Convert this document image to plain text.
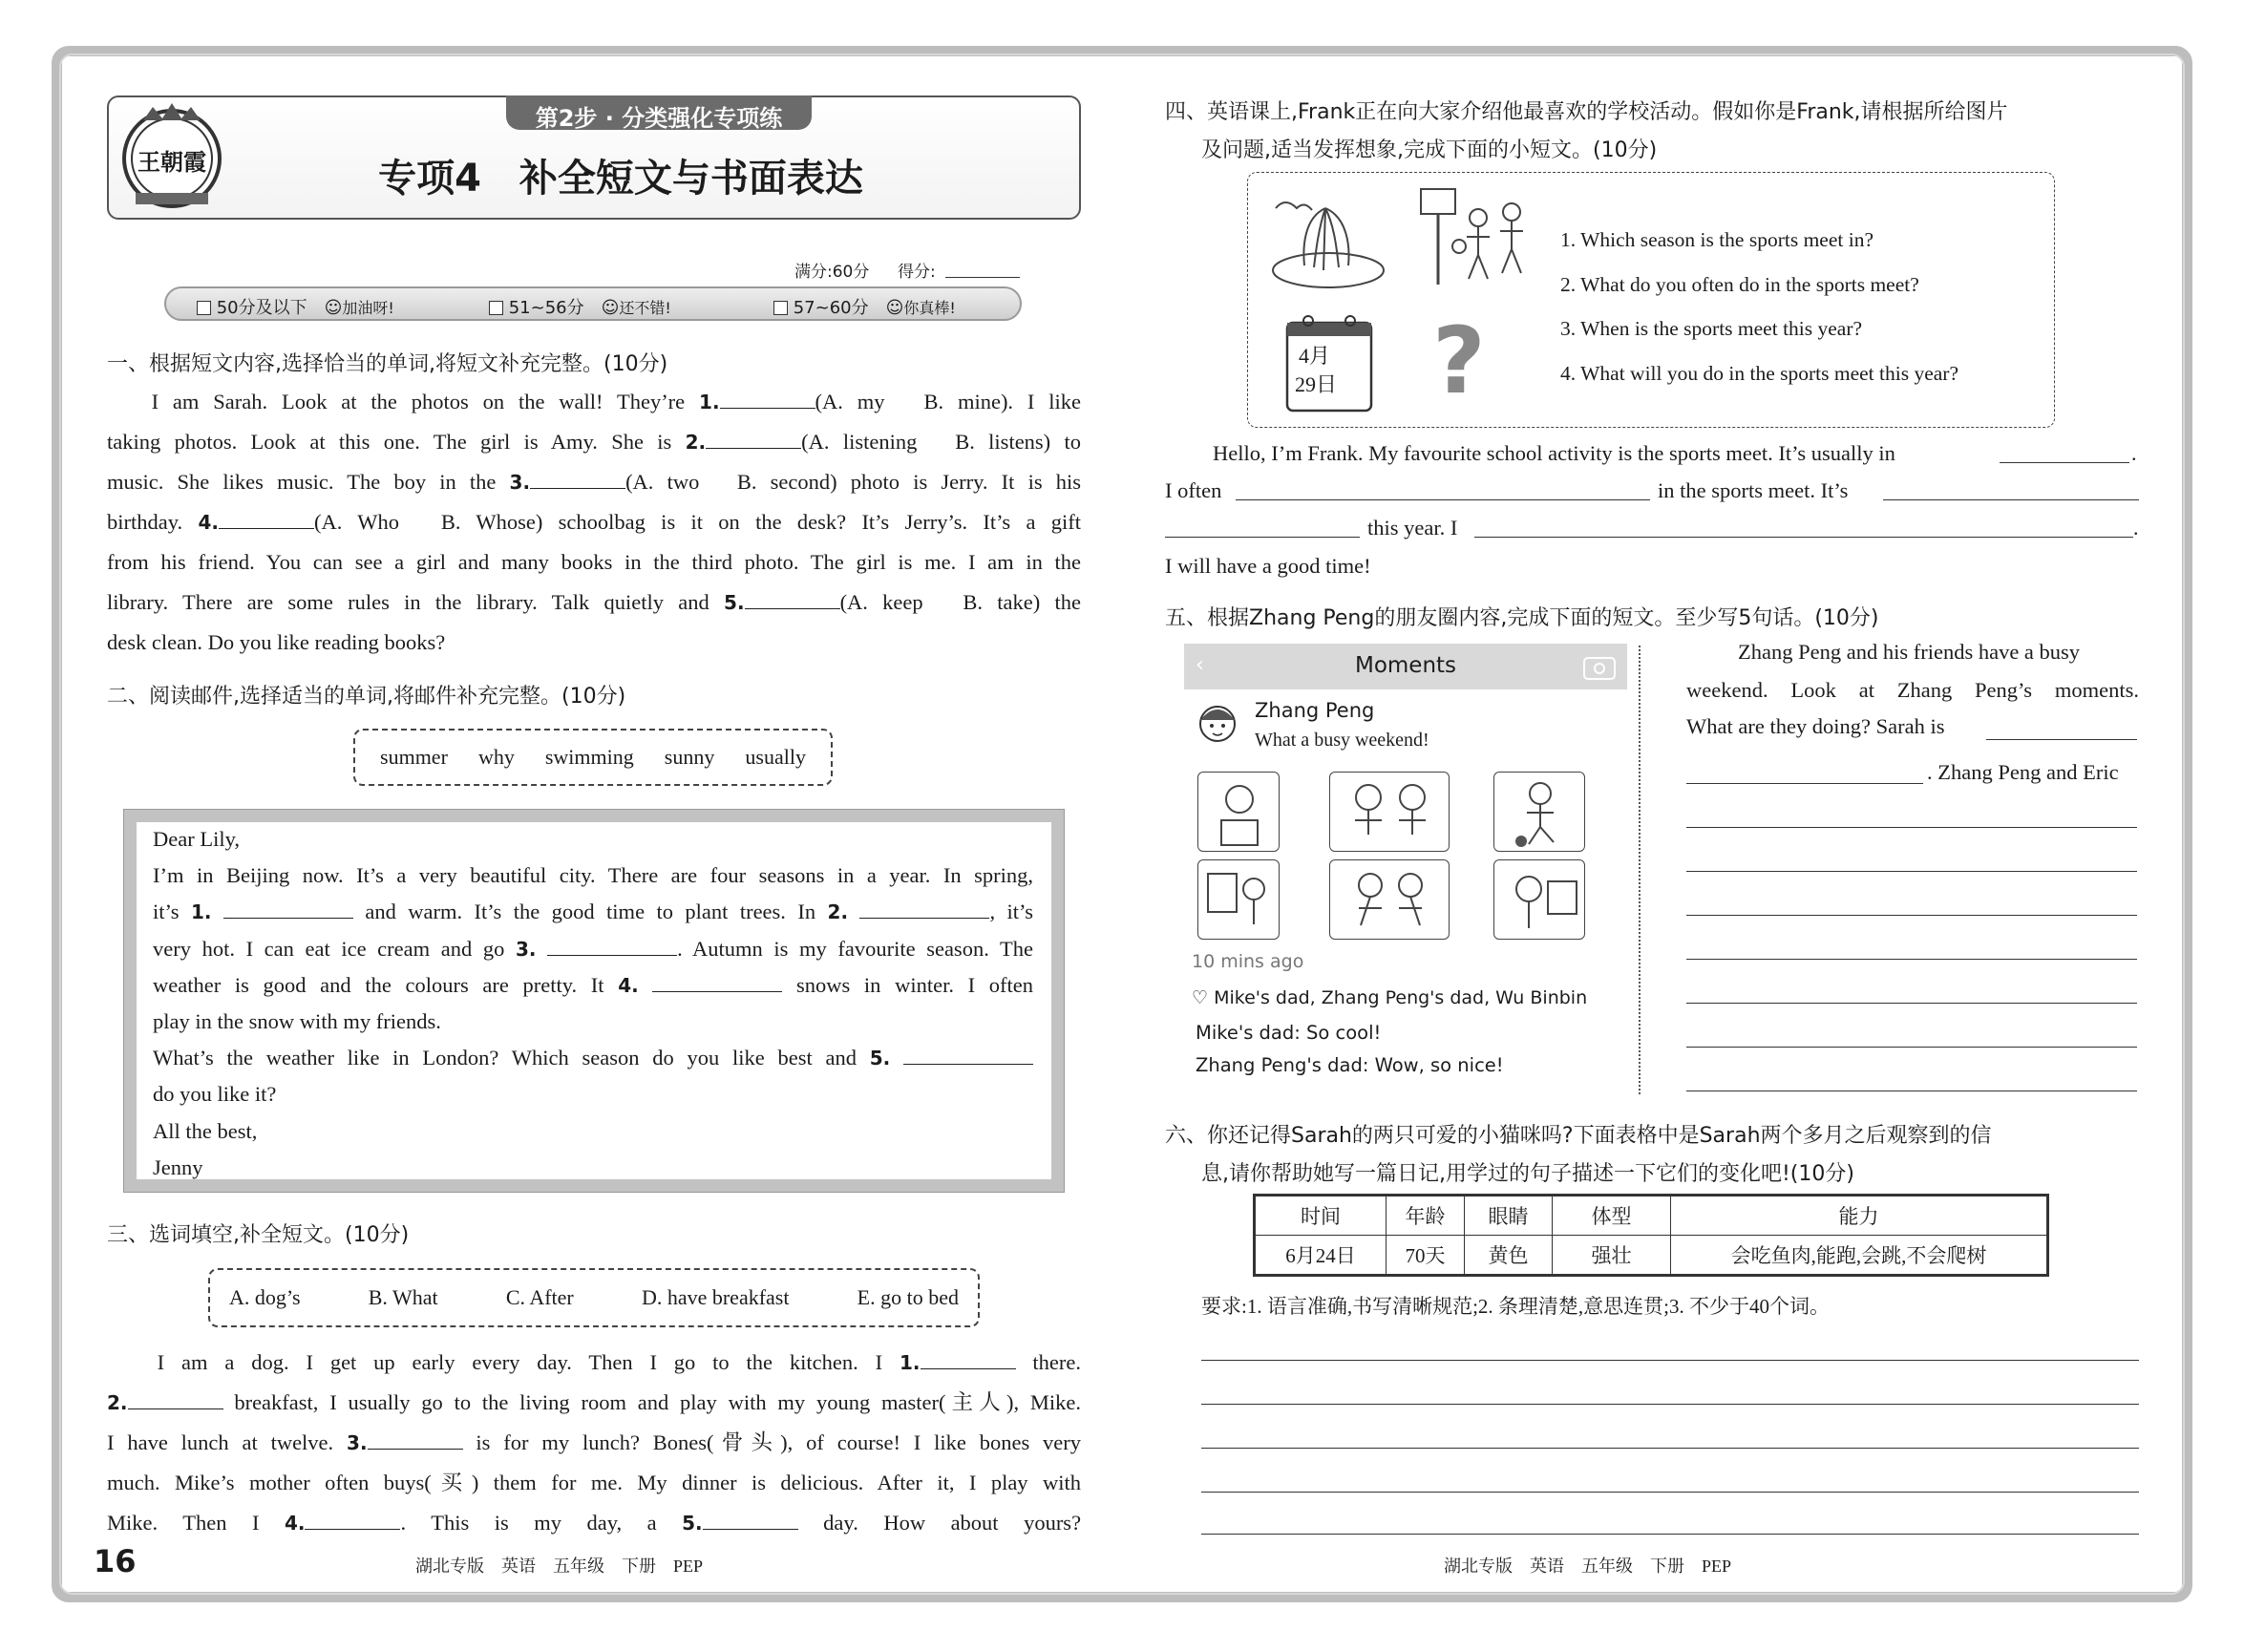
王朝霞
第2步 · 分类强化专项练
专项4　补全短文与书面表达
满分:60分 得分:
50分及以下　 ☺加油呀!	51~56分　 ☺还不错!	57~60分　 ☺你真棒!
一、根据短文内容,选择恰当的单词,将短文补充完整。(10分)
　 I am Sarah. Look at the photos on the wall! They’re 1.	(A. my　B. mine). I like
taking photos. Look at this one. The girl is Amy. She is 2.	(A. listening　B. listens) to
music. She likes music. The boy in the 3.	(A. two　B. second) photo is Jerry. It is his
birthday. 4.	(A. Who　B. Whose) schoolbag is it on the desk? It’s Jerry’s. It’s a gift
from his friend. You can see a girl and many books in the third photo. The girl is me. I am in the
library. There are some rules in the library. Talk quietly and 5.	(A. keep　B. take) the
desk clean. Do you like reading books?
二、阅读邮件,选择适当的单词,将邮件补充完整。(10分)
summer why swimming sunny usually
Dear Lily,
I’m in Beijing now. It’s a very beautiful city. There are four seasons in a year. In spring,
it’s 1.	and warm. It’s the good time to plant trees. In 2.	, it’s
very hot. I can eat ice cream and go 3.	. Autumn is my favourite season. The
weather is good and the colours are pretty. It 4.	snows in winter. I often
play in the snow with my friends.
What’s the weather like in London? Which season do you like best and 5.
do you like it?
All the best,
Jenny
三、选词填空,补全短文。(10分)
A. dog’s	B. What	C. After	D. have breakfast	E. go to bed
　 I am a dog. I get up early every day. Then I go to the kitchen. I 1.	there.
2.	breakfast, I usually go to the living room and play with my young master(主人), Mike.
I have lunch at twelve. 3.	is for my lunch? Bones(骨头), of course! I like bones very
much. Mike’s mother often buys(买) them for me. My dinner is delicious. After it, I play with
Mike. Then I 4.	. This is my day, a 5.	day. How about yours?
16	湖北专版　英语　五年级　下册　PEP
四、英语课上,Frank正在向大家介绍他最喜欢的学校活动。假如你是Frank,请根据所给图片
及问题,适当发挥想象,完成下面的小短文。(10分)
4月
29日 ?
1. Which season is the sports meet in?
2. What do you often do in the sports meet?
3. When is the sports meet this year?
4. What will you do in the sports meet this year?
Hello, I’m Frank. My favourite school activity is the sports meet. It’s usually in	.
I often	in the sports meet. It’s
this year. I	.
I will have a good time!
五、根据Zhang Peng的朋友圈内容,完成下面的短文。至少写5句话。(10分)
‹	Moments
Zhang Peng
What a busy weekend!
10 mins ago
♡ Mike's dad, Zhang Peng's dad, Wu Binbin
Mike's dad: So cool!
Zhang Peng's dad: Wow, so nice!
Zhang Peng and his friends have a busy
weekend. Look at Zhang Peng’s moments.
What are they doing? Sarah is
. Zhang Peng and Eric
六、你还记得Sarah的两只可爱的小猫咪吗?下面表格中是Sarah两个多月之后观察到的信
息,请你帮助她写一篇日记,用学过的句子描述一下它们的变化吧!(10分)
时间	年龄	眼睛	体型	能力
6月24日	70天	黄色	强壮	会吃鱼肉,能跑,会跳,不会爬树
要求:1. 语言准确,书写清晰规范;2. 条理清楚,意思连贯;3. 不少于40个词。
湖北专版　英语　五年级　下册　PEP
